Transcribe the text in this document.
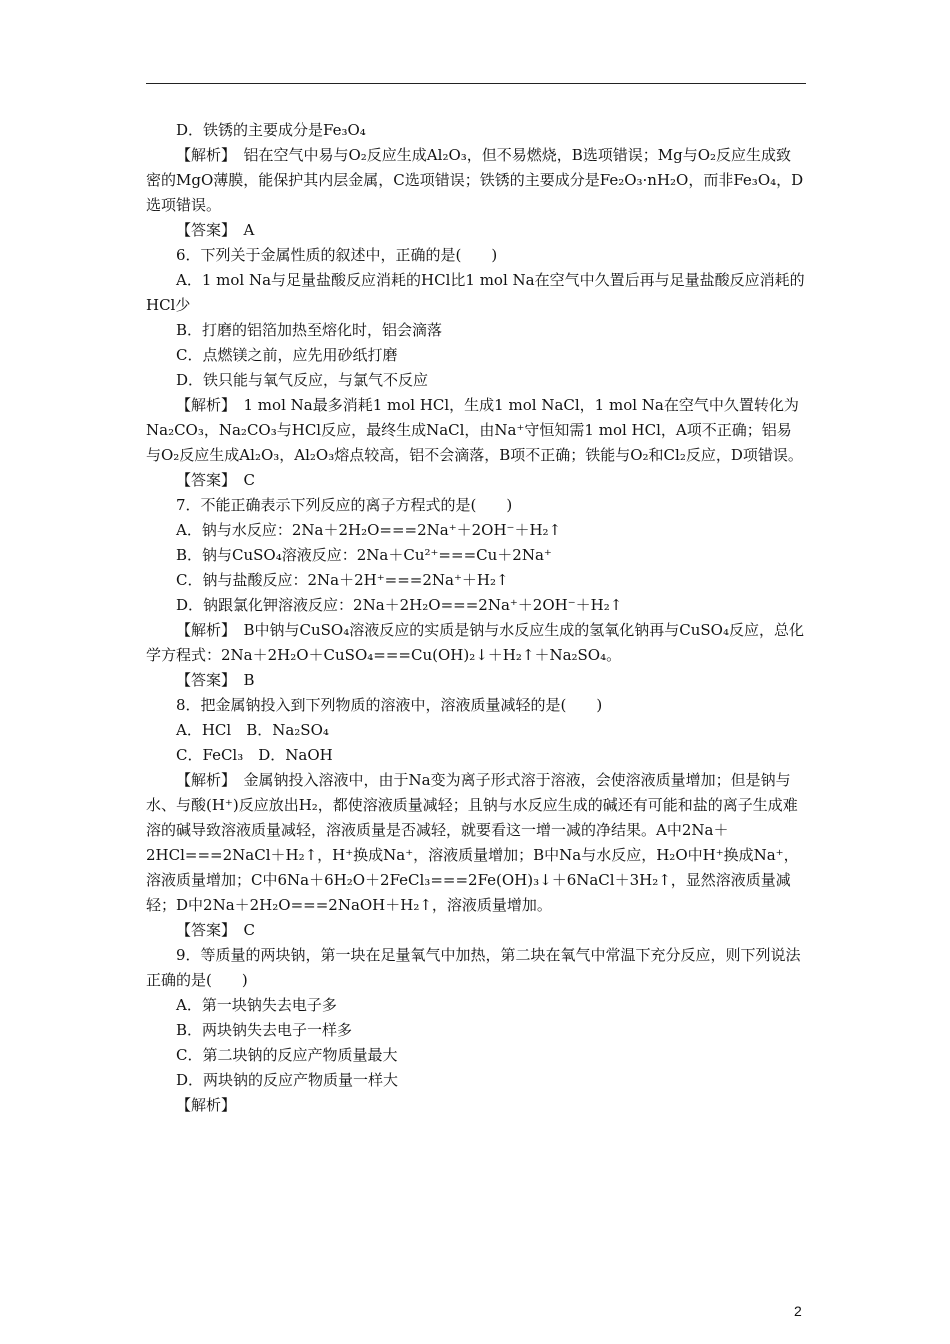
D．铁锈的主要成分是Fe₃O₄

【解析】　铝在空气中易与O₂反应生成Al₂O₃，但不易燃烧，B选项错误；Mg与O₂反应生成致密的MgO薄膜，能保护其内层金属，C选项错误；铁锈的主要成分是Fe₂O₃·nH₂O，而非Fe₃O₄，D选项错误。

【答案】　A

6．下列关于金属性质的叙述中，正确的是(　　)

A．1 mol Na与足量盐酸反应消耗的HCl比1 mol Na在空气中久置后再与足量盐酸反应消耗的HCl少

B．打磨的铝箔加热至熔化时，铝会滴落

C．点燃镁之前，应先用砂纸打磨

D．铁只能与氧气反应，与氯气不反应

【解析】　1 mol Na最多消耗1 mol HCl，生成1 mol NaCl，1 mol Na在空气中久置转化为Na₂CO₃，Na₂CO₃与HCl反应，最终生成NaCl，由Na⁺守恒知需1 mol HCl，A项不正确；铝易与O₂反应生成Al₂O₃，Al₂O₃熔点较高，铝不会滴落，B项不正确；铁能与O₂和Cl₂反应，D项错误。

【答案】　C

7．不能正确表示下列反应的离子方程式的是(　　)

A．钠与水反应：2Na＋2H₂O===2Na⁺＋2OH⁻＋H₂↑

B．钠与CuSO₄溶液反应：2Na＋Cu²⁺===Cu＋2Na⁺

C．钠与盐酸反应：2Na＋2H⁺===2Na⁺＋H₂↑

D．钠跟氯化钾溶液反应：2Na＋2H₂O===2Na⁺＋2OH⁻＋H₂↑

【解析】　B中钠与CuSO₄溶液反应的实质是钠与水反应生成的氢氧化钠再与CuSO₄反应，总化学方程式：2Na＋2H₂O＋CuSO₄===Cu(OH)₂↓＋H₂↑＋Na₂SO₄。

【答案】　B

8．把金属钠投入到下列物质的溶液中，溶液质量减轻的是(　　)

A．HCl　B．Na₂SO₄

C．FeCl₃　D．NaOH

【解析】　金属钠投入溶液中，由于Na变为离子形式溶于溶液，会使溶液质量增加；但是钠与水、与酸(H⁺)反应放出H₂，都使溶液质量减轻；且钠与水反应生成的碱还有可能和盐的离子生成难溶的碱导致溶液质量减轻，溶液质量是否减轻，就要看这一增一减的净结果。A中2Na＋2HCl===2NaCl＋H₂↑，H⁺换成Na⁺，溶液质量增加；B中Na与水反应，H₂O中H⁺换成Na⁺，溶液质量增加；C中6Na＋6H₂O＋2FeCl₃===2Fe(OH)₃↓＋6NaCl＋3H₂↑，显然溶液质量减轻；D中2Na＋2H₂O===2NaOH＋H₂↑，溶液质量增加。

【答案】　C

9．等质量的两块钠，第一块在足量氧气中加热，第二块在氧气中常温下充分反应，则下列说法正确的是(　　)

A．第一块钠失去电子多

B．两块钠失去电子一样多

C．第二块钠的反应产物质量最大

D．两块钠的反应产物质量一样大

【解析】

2
